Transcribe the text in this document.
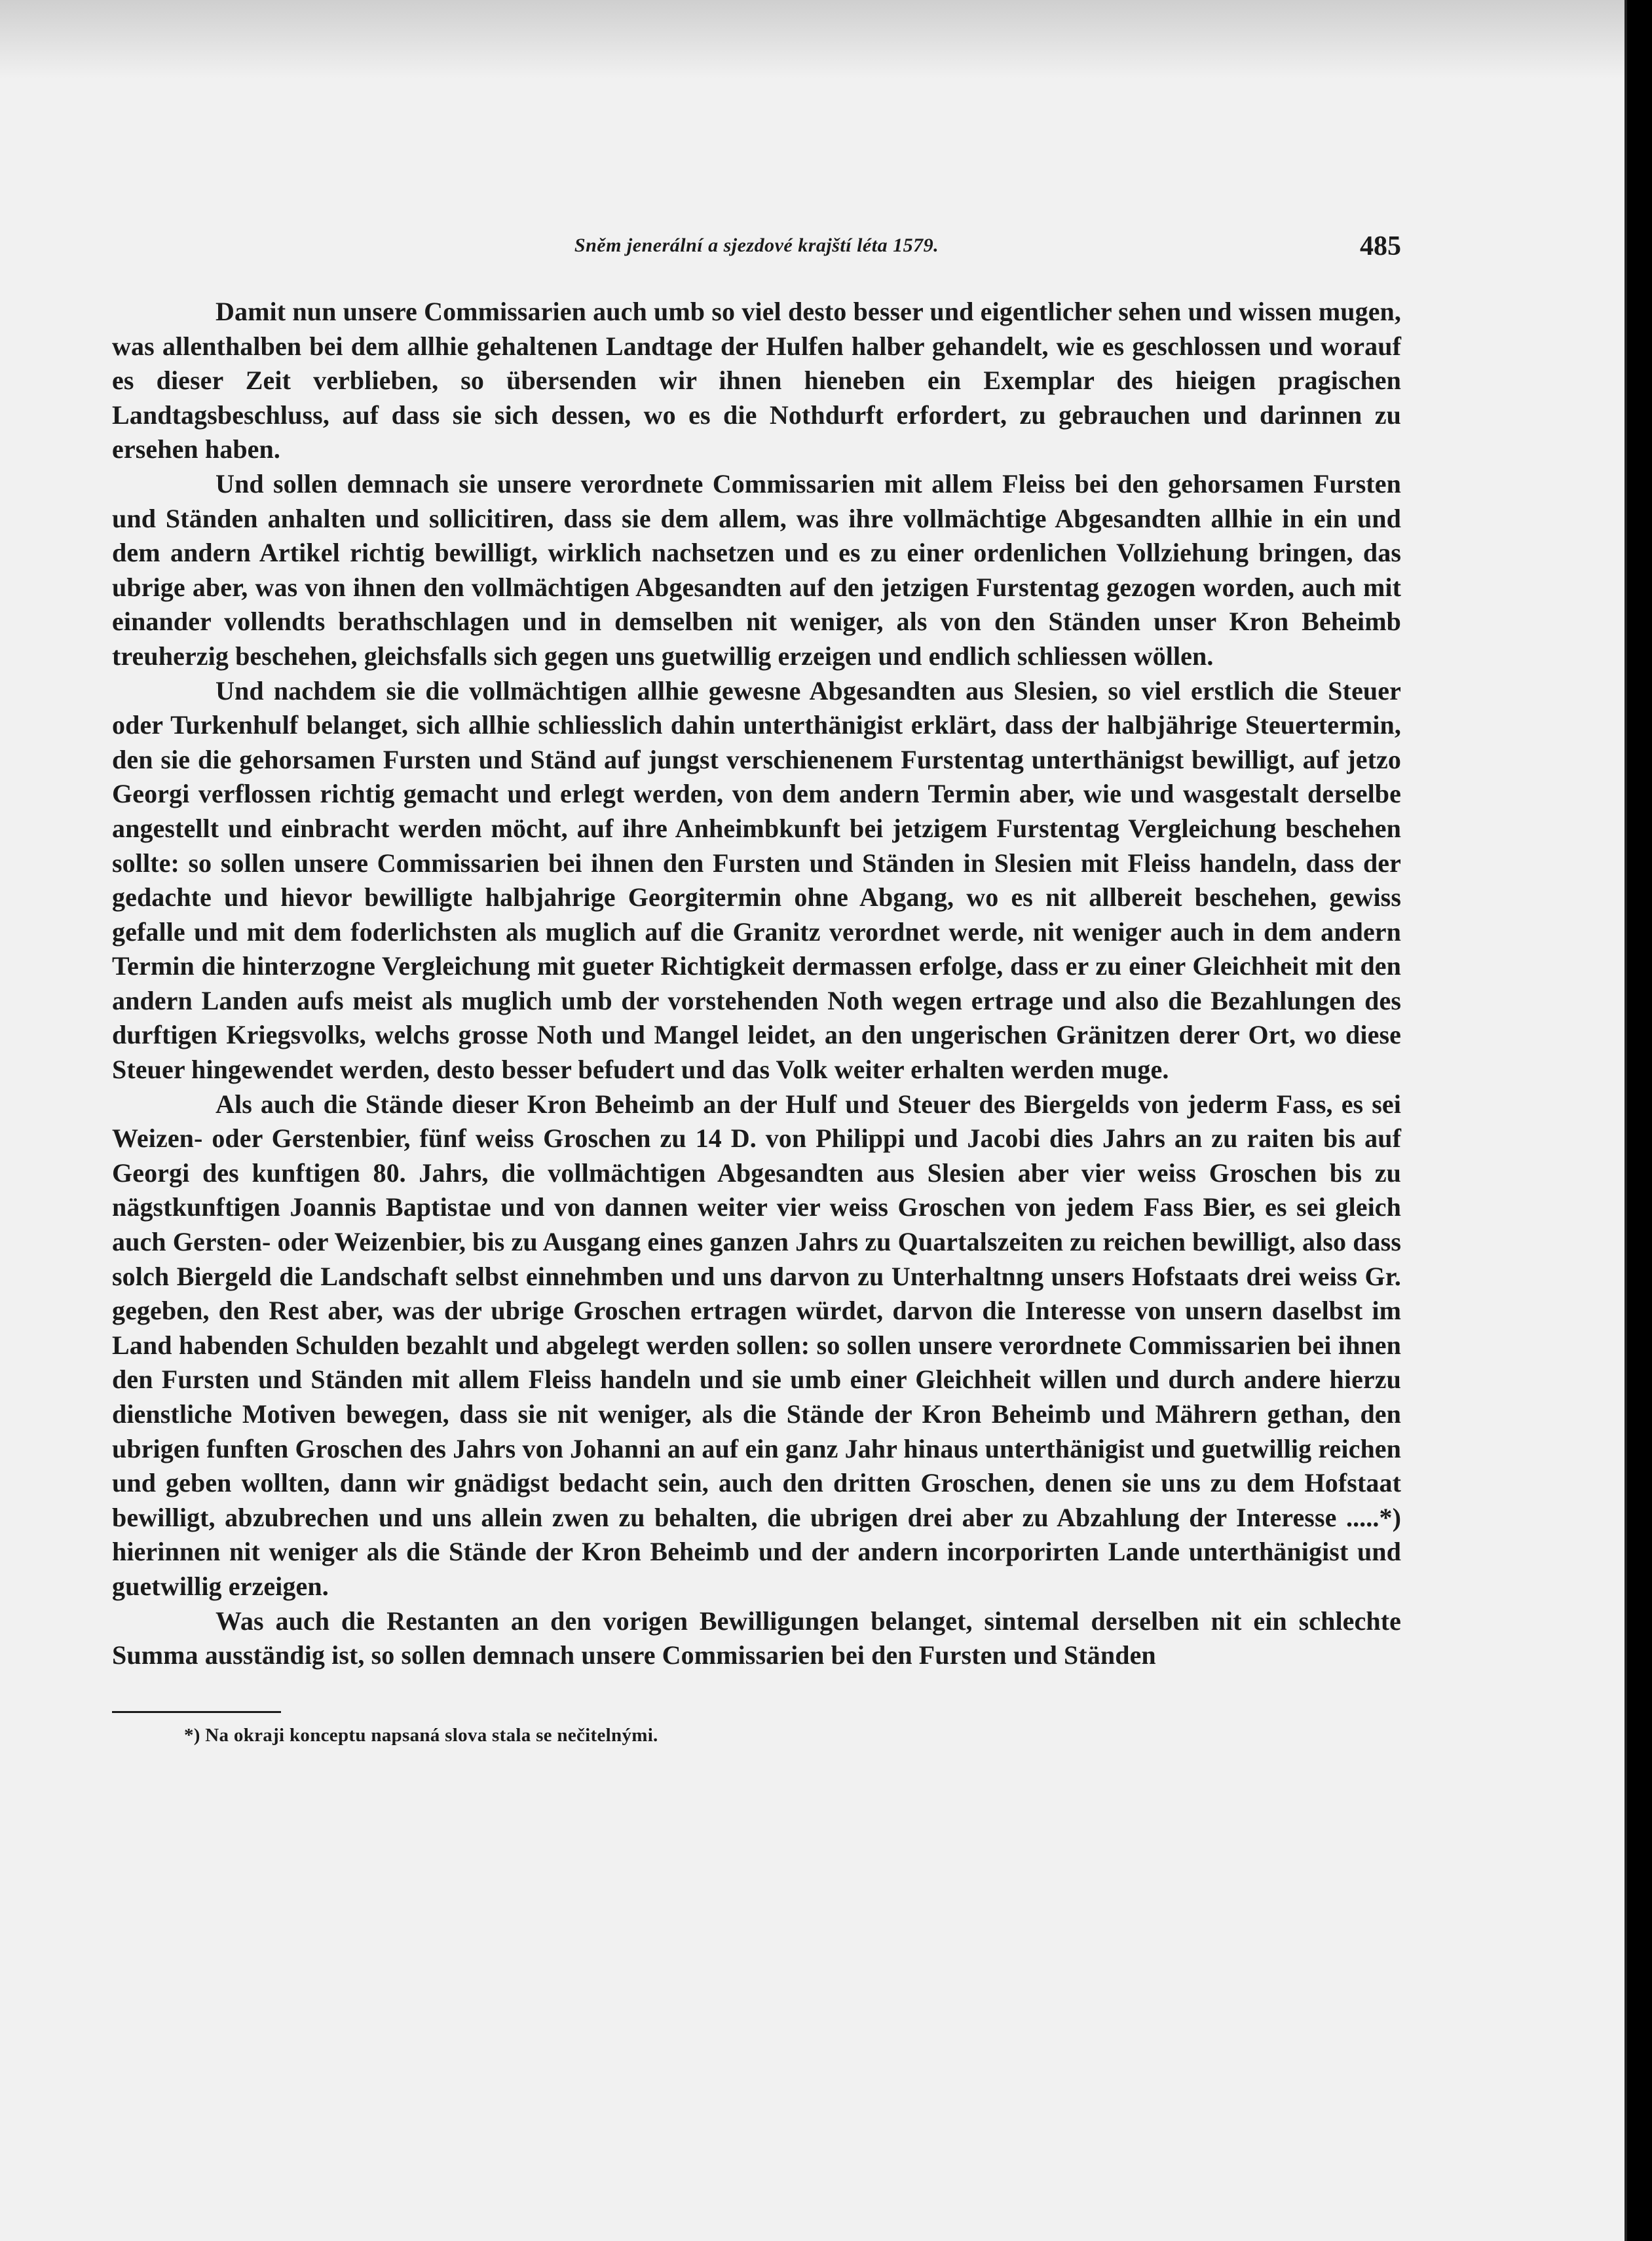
Sněm jenerální a sjezdové krajští léta 1579.	485

Damit nun unsere Commissarien auch umb so viel desto besser und eigentlicher sehen und wissen mugen, was allenthalben bei dem allhie gehaltenen Landtage der Hulfen halber gehandelt, wie es geschlossen und worauf es dieser Zeit verblieben, so übersenden wir ihnen hieneben ein Exemplar des hieigen pragischen Landtagsbeschluss, auf dass sie sich dessen, wo es die Nothdurft erfordert, zu gebrauchen und darinnen zu ersehen haben.

Und sollen demnach sie unsere verordnete Commissarien mit allem Fleiss bei den gehorsamen Fursten und Ständen anhalten und sollicitiren, dass sie dem allem, was ihre vollmächtige Abgesandten allhie in ein und dem andern Artikel richtig bewilligt, wirklich nachsetzen und es zu einer ordenlichen Vollziehung bringen, das ubrige aber, was von ihnen den vollmächtigen Abgesandten auf den jetzigen Furstentag gezogen worden, auch mit einander vollendts berathschlagen und in demselben nit weniger, als von den Ständen unser Kron Beheimb treuherzig beschehen, gleichsfalls sich gegen uns guetwillig erzeigen und endlich schliessen wöllen.

Und nachdem sie die vollmächtigen allhie gewesne Abgesandten aus Slesien, so viel erstlich die Steuer oder Turkenhulf belanget, sich allhie schliesslich dahin unterthänigist erklärt, dass der halbjährige Steuertermin, den sie die gehorsamen Fursten und Ständ auf jungst verschienenem Furstentag unterthänigst bewilligt, auf jetzo Georgi verflossen richtig gemacht und erlegt werden, von dem andern Termin aber, wie und wasgestalt derselbe angestellt und einbracht werden möcht, auf ihre Anheimbkunft bei jetzigem Furstentag Vergleichung beschehen sollte: so sollen unsere Commissarien bei ihnen den Fursten und Ständen in Slesien mit Fleiss handeln, dass der gedachte und hievor bewilligte halbjahrige Georgitermin ohne Abgang, wo es nit allbereit beschehen, gewiss gefalle und mit dem foderlichsten als muglich auf die Granitz verordnet werde, nit weniger auch in dem andern Termin die hinterzogne Vergleichung mit gueter Richtigkeit dermassen erfolge, dass er zu einer Gleichheit mit den andern Landen aufs meist als muglich umb der vorstehenden Noth wegen ertrage und also die Bezahlungen des durftigen Kriegsvolks, welchs grosse Noth und Mangel leidet, an den ungerischen Gränitzen derer Ort, wo diese Steuer hingewendet werden, desto besser befudert und das Volk weiter erhalten werden muge.

Als auch die Stände dieser Kron Beheimb an der Hulf und Steuer des Biergelds von jederm Fass, es sei Weizen- oder Gerstenbier, fünf weiss Groschen zu 14 D. von Philippi und Jacobi dies Jahrs an zu raiten bis auf Georgi des kunftigen 80. Jahrs, die vollmächtigen Abgesandten aus Slesien aber vier weiss Groschen bis zu nägstkunftigen Joannis Baptistae und von dannen weiter vier weiss Groschen von jedem Fass Bier, es sei gleich auch Gersten- oder Weizenbier, bis zu Ausgang eines ganzen Jahrs zu Quartalszeiten zu reichen bewilligt, also dass solch Biergeld die Landschaft selbst einnehmben und uns darvon zu Unterhaltnng unsers Hofstaats drei weiss Gr. gegeben, den Rest aber, was der ubrige Groschen ertragen würdet, darvon die Interesse von unsern daselbst im Land habenden Schulden bezahlt und abgelegt werden sollen: so sollen unsere verordnete Commissarien bei ihnen den Fursten und Ständen mit allem Fleiss handeln und sie umb einer Gleichheit willen und durch andere hierzu dienstliche Motiven bewegen, dass sie nit weniger, als die Stände der Kron Beheimb und Mährern gethan, den ubrigen funften Groschen des Jahrs von Johanni an auf ein ganz Jahr hinaus unterthänigist und guetwillig reichen und geben wollten, dann wir gnädigst bedacht sein, auch den dritten Groschen, denen sie uns zu dem Hofstaat bewilligt, abzubrechen und uns allein zwen zu behalten, die ubrigen drei aber zu Abzahlung der Interesse .....*) hierinnen nit weniger als die Stände der Kron Beheimb und der andern incorporirten Lande unterthänigist und guetwillig erzeigen.

Was auch die Restanten an den vorigen Bewilligungen belanget, sintemal derselben nit ein schlechte Summa ausständig ist, so sollen demnach unsere Commissarien bei den Fursten und Ständen

*) Na okraji konceptu napsaná slova stala se nečitelnými.
